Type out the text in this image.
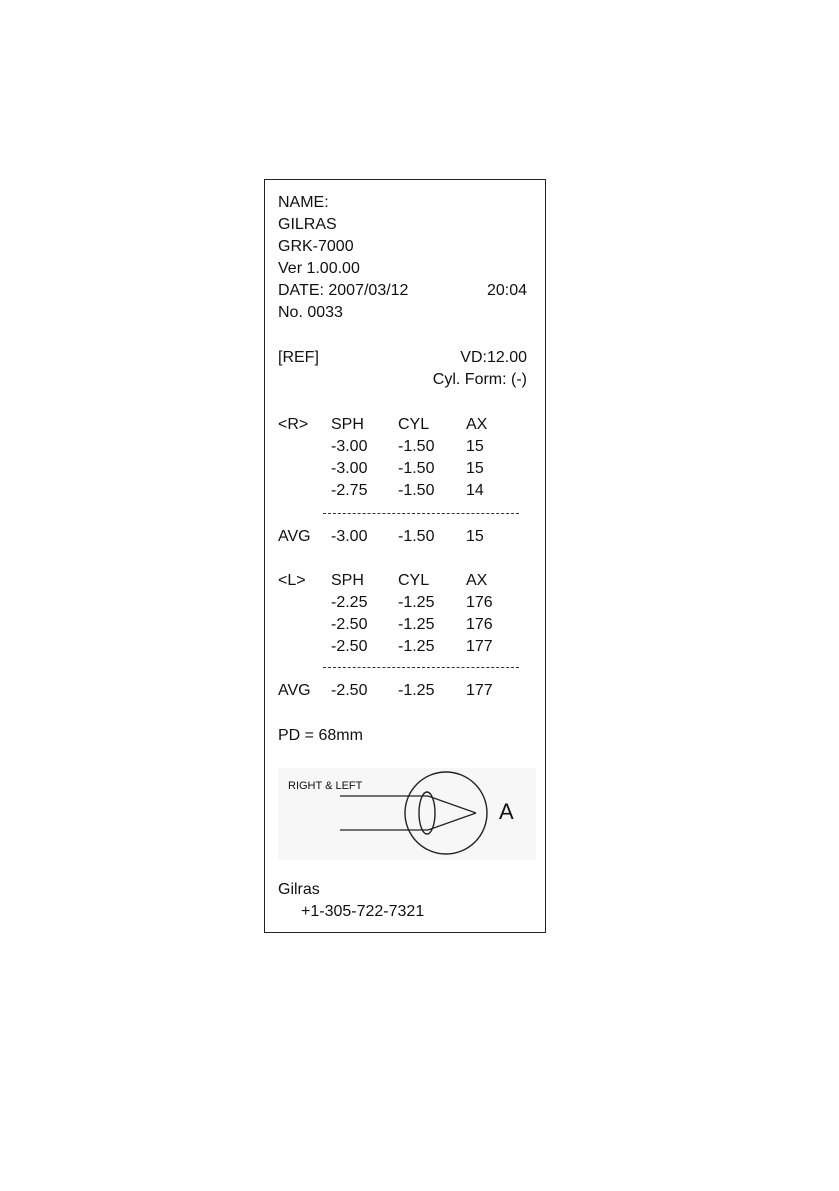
NAME:
GILRAS
GRK-7000
Ver 1.00.00
DATE: 2007/03/12	20:04
No. 0033
[REF]	VD:12.00
Cyl. Form: (-)
<R> SPH CYL AX
-3.00 -1.50 15
-3.00 -1.50 15
-2.75 -1.50 14
AVG -3.00 -1.50 15
<L> SPH CYL AX
-2.25 -1.25 176
-2.50 -1.25 176
-2.50 -1.25 177
AVG -2.50 -1.25 177
PD = 68mm
RIGHT & LEFT
A
Gilras
+1-305-722-7321
